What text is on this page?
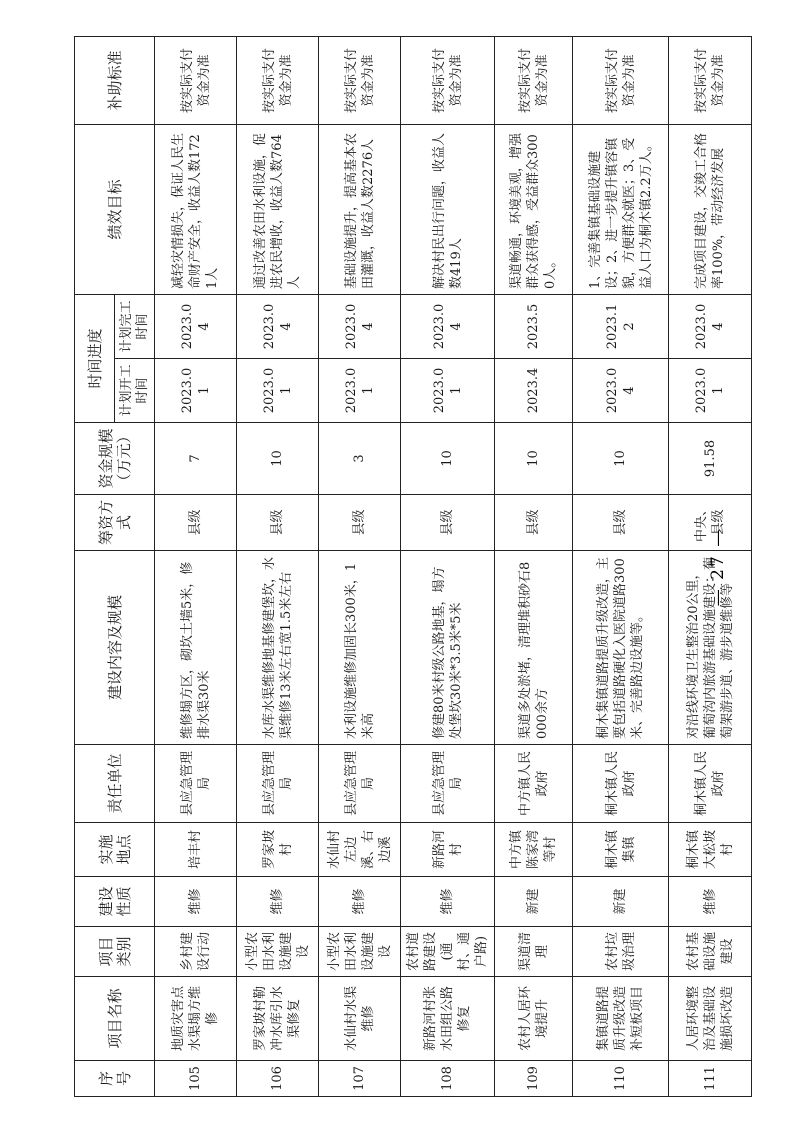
序号	项目名称	项目类别	建设性质	实施地点	责任单位	建设内容及规模	筹资方式	资金规模（万元）	时间进度		绩效目标	补助标准
									计划开工时间	计划完工时间		
105	地质灾害点水渠塌方维修	乡村建设行动	维修	培丰村	县应急管理局	维修塌方区，砌坎土墙5米，修排水渠30米	县级	7	2023.01	2023.04	减轻灾情损失，保证人民生命财产安全，收益人数1721人	按实际支付资金为准
106	罗家坡村勒冲水库引水渠修复	小型农田水利设施建设	维修	罗家坡村	县应急管理局	水库水渠维修地基修建堡坎，水渠维修13米左右宽1.5米左右	县级	10	2023.01	2023.04	通过改善农田水利设施，促进农民增收，收益人数764人	按实际支付资金为准
107	水仙村水渠维修	小型农田水利设施建设	维修	水仙村左边溪、右边溪	县应急管理局	水利设施维修加固长300米，1米高	县级	3	2023.01	2023.04	基础设施提升，提高基本农田灌溉，收益人数2276人	按实际支付资金为准
108	新路河村张水田组公路修复	农村道路建设(通村、通户路)	维修	新路河村	县应急管理局	修建80米村级公路地基，塌方处堡坎30米*3.5米*5米	县级	10	2023.01	2023.04	解决村民出行问题，收益人数419人	按实际支付资金为准
109	农村人居环境提升	渠道清理	新建	中方镇陈家湾等村	中方镇人民政府	渠道多处淤堵，清理堆积砂石8000余方	县级	10	2023.4	2023.5	渠道畅通，环境美观，增强群众获得感，受益群众3000人。	按实际支付资金为准
110	集镇道路提质升级改造补短板项目	农村垃圾治理	新建	桐木镇集镇	桐木镇人民政府	桐木集镇道路提质升级改造，主要包括道路硬化入医院道路300米、完善路边设施等。	县级	10	2023.04	2023.12	1、完善集镇基础设施建设；2、进一步提升镇容镇貌，方便群众就医；3、受益人口为桐木镇2.2万人。	按实际支付资金为准
111	人居环境整治及基础设施损坏改造	农村基础设施建设	维修	桐木镇大松坡村	桐木镇人民政府	对沿线环境卫生整治20公里，葡萄沟内旅游基础设施建设：葡萄架游步道、游步道维修等	中央、县级	91.58	2023.01	2023.04	完成项目建设，交竣工合格率100%，带动经济发展	按实际支付资金为准
— 27 —
